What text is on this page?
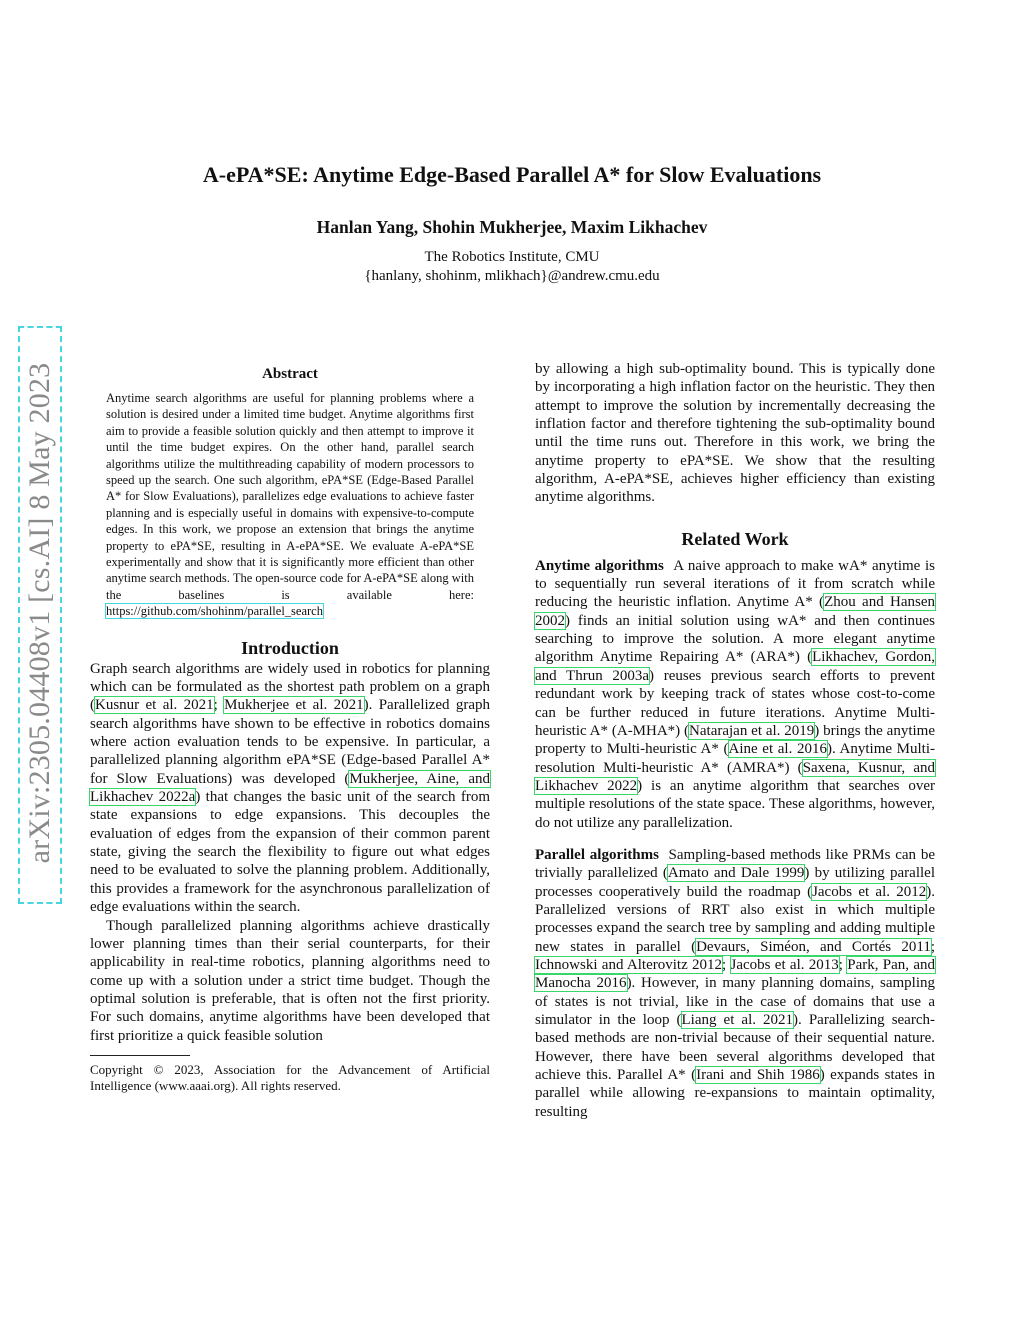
arXiv:2305.04408v1 [cs.AI] 8 May 2023
A-ePA*SE: Anytime Edge-Based Parallel A* for Slow Evaluations
Hanlan Yang, Shohin Mukherjee, Maxim Likhachev
The Robotics Institute, CMU
{hanlany, shohinm, mlikhach}@andrew.cmu.edu
Abstract

Anytime search algorithms are useful for planning problems where a solution is desired under a limited time budget. Anytime algorithms first aim to provide a feasible solution quickly and then attempt to improve it until the time budget expires. On the other hand, parallel search algorithms utilize the multithreading capability of modern processors to speed up the search. One such algorithm, ePA*SE (Edge-Based Parallel A* for Slow Evaluations), parallelizes edge evaluations to achieve faster planning and is especially useful in domains with expensive-to-compute edges. In this work, we propose an extension that brings the anytime property to ePA*SE, resulting in A-ePA*SE. We evaluate A-ePA*SE experimentally and show that it is significantly more efficient than other anytime search methods. The open-source code for A-ePA*SE along with the baselines is available here: https://github.com/shohinm/parallel_search

Introduction

Graph search algorithms are widely used in robotics for planning which can be formulated as the shortest path problem on a graph (Kusnur et al. 2021; Mukherjee et al. 2021). Parallelized graph search algorithms have shown to be effective in robotics domains where action evaluation tends to be expensive. In particular, a parallelized planning algorithm ePA*SE (Edge-based Parallel A* for Slow Evaluations) was developed (Mukherjee, Aine, and Likhachev 2022a) that changes the basic unit of the search from state expansions to edge expansions. This decouples the evaluation of edges from the expansion of their common parent state, giving the search the flexibility to figure out what edges need to be evaluated to solve the planning problem. Additionally, this provides a framework for the asynchronous parallelization of edge evaluations within the search.

Though parallelized planning algorithms achieve drastically lower planning times than their serial counterparts, for their applicability in real-time robotics, planning algorithms need to come up with a solution under a strict time budget. Though the optimal solution is preferable, that is often not the first priority. For such domains, anytime algorithms have been developed that first prioritize a quick feasible solution

Copyright © 2023, Association for the Advancement of Artificial Intelligence (www.aaai.org). All rights reserved.

by allowing a high sub-optimality bound. This is typically done by incorporating a high inflation factor on the heuristic. They then attempt to improve the solution by incrementally decreasing the inflation factor and therefore tightening the sub-optimality bound until the time runs out. Therefore in this work, we bring the anytime property to ePA*SE. We show that the resulting algorithm, A-ePA*SE, achieves higher efficiency than existing anytime algorithms.

Related Work

Anytime algorithms A naive approach to make wA* anytime is to sequentially run several iterations of it from scratch while reducing the heuristic inflation. Anytime A* (Zhou and Hansen 2002) finds an initial solution using wA* and then continues searching to improve the solution. A more elegant anytime algorithm Anytime Repairing A* (ARA*) (Likhachev, Gordon, and Thrun 2003a) reuses previous search efforts to prevent redundant work by keeping track of states whose cost-to-come can be further reduced in future iterations. Anytime Multi-heuristic A* (A-MHA*) (Natarajan et al. 2019) brings the anytime property to Multi-heuristic A* (Aine et al. 2016). Anytime Multi-resolution Multi-heuristic A* (AMRA*) (Saxena, Kusnur, and Likhachev 2022) is an anytime algorithm that searches over multiple resolutions of the state space. These algorithms, however, do not utilize any parallelization.

Parallel algorithms Sampling-based methods like PRMs can be trivially parallelized (Amato and Dale 1999) by utilizing parallel processes cooperatively build the roadmap (Jacobs et al. 2012). Parallelized versions of RRT also exist in which multiple processes expand the search tree by sampling and adding multiple new states in parallel (Devaurs, Siméon, and Cortés 2011; Ichnowski and Alterovitz 2012; Jacobs et al. 2013; Park, Pan, and Manocha 2016). However, in many planning domains, sampling of states is not trivial, like in the case of domains that use a simulator in the loop (Liang et al. 2021). Parallelizing search-based methods are non-trivial because of their sequential nature. However, there have been several algorithms developed that achieve this. Parallel A* (Irani and Shih 1986) expands states in parallel while allowing re-expansions to maintain optimality, resulting
